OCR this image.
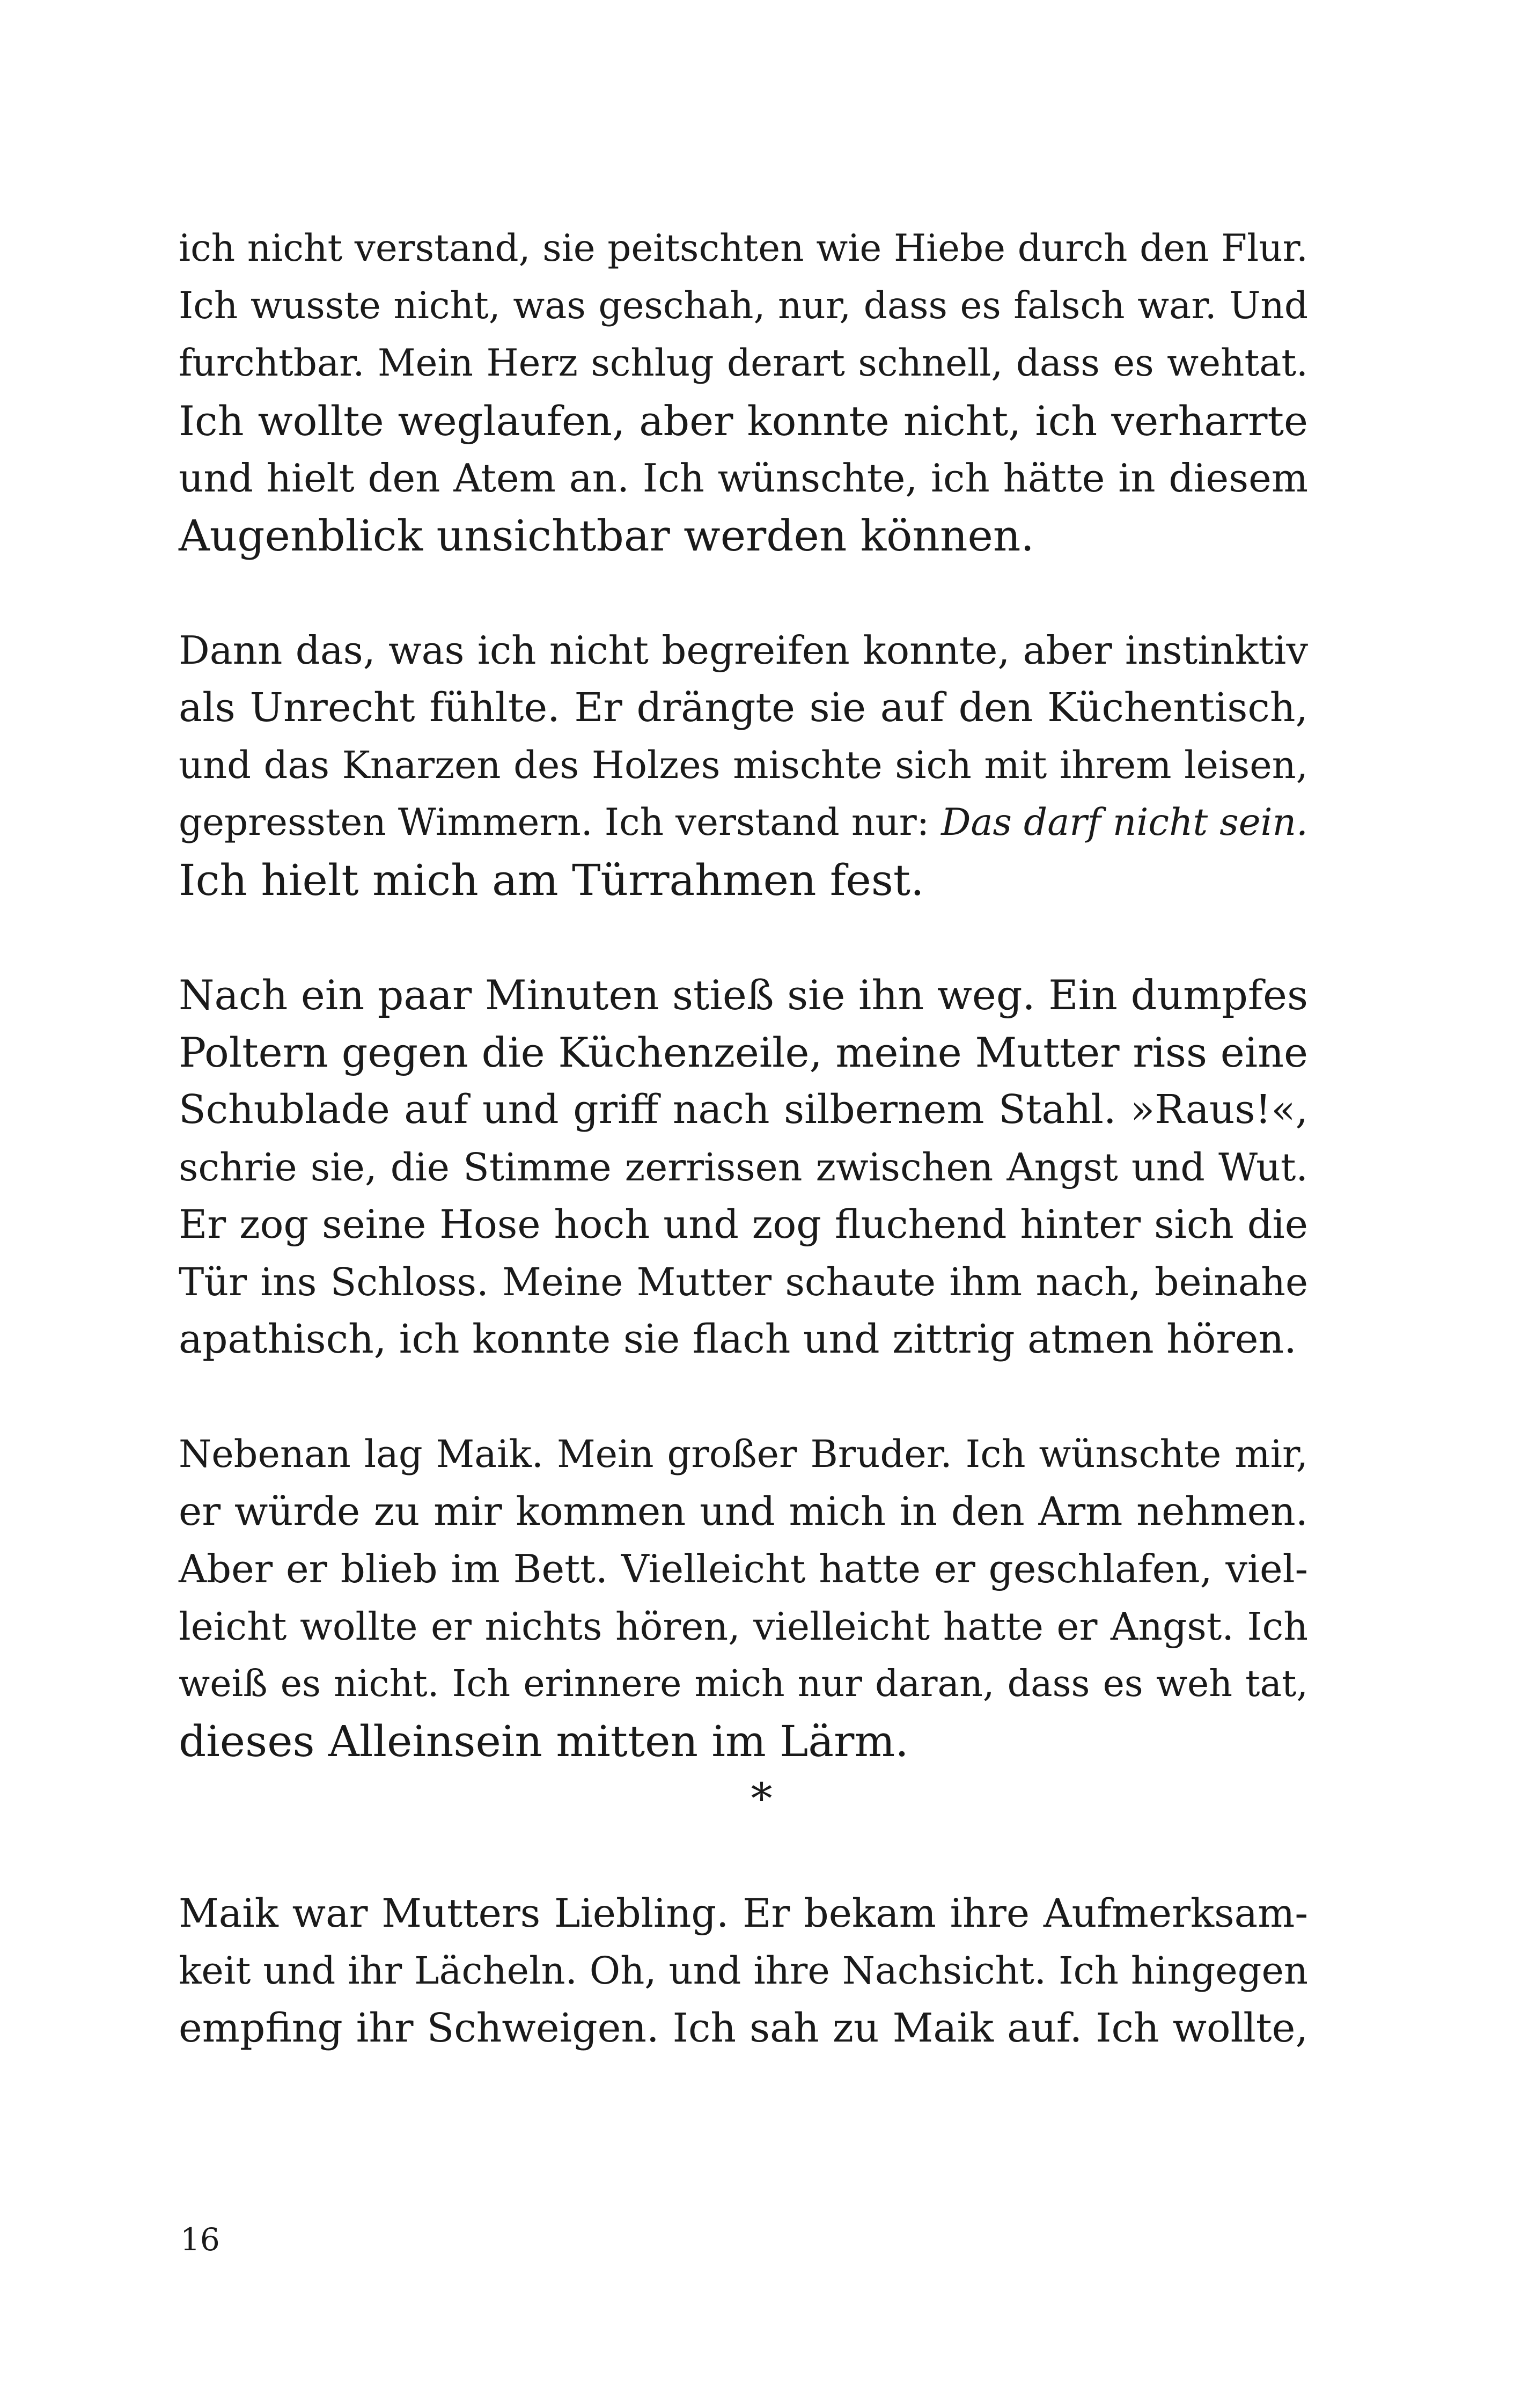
ich nicht verstand, sie peitschten wie Hiebe durch den Flur.
Ich wusste nicht, was geschah, nur, dass es falsch war. Und
furchtbar. Mein Herz schlug derart schnell, dass es wehtat.
Ich wollte weglaufen, aber konnte nicht, ich verharrte
und hielt den Atem an. Ich wünschte, ich hätte in diesem
Augenblick unsichtbar werden können.
Dann das, was ich nicht begreifen konnte, aber instinktiv
als Unrecht fühlte. Er drängte sie auf den Küchentisch,
und das Knarzen des Holzes mischte sich mit ihrem leisen,
gepressten Wimmern. Ich verstand nur: Das darf nicht sein.
Ich hielt mich am Türrahmen fest.
Nach ein paar Minuten stieß sie ihn weg. Ein dumpfes
Poltern gegen die Küchenzeile, meine Mutter riss eine
Schublade auf und griff nach silbernem Stahl. »Raus!«,
schrie sie, die Stimme zerrissen zwischen Angst und Wut.
Er zog seine Hose hoch und zog fluchend hinter sich die
Tür ins Schloss. Meine Mutter schaute ihm nach, beinahe
apathisch, ich konnte sie flach und zittrig atmen hören.
Nebenan lag Maik. Mein großer Bruder. Ich wünschte mir,
er würde zu mir kommen und mich in den Arm nehmen.
Aber er blieb im Bett. Vielleicht hatte er geschlafen, viel-
leicht wollte er nichts hören, vielleicht hatte er Angst. Ich
weiß es nicht. Ich erinnere mich nur daran, dass es weh tat,
dieses Alleinsein mitten im Lärm.
*
Maik war Mutters Liebling. Er bekam ihre Aufmerksam-
keit und ihr Lächeln. Oh, und ihre Nachsicht. Ich hingegen
empfing ihr Schweigen. Ich sah zu Maik auf. Ich wollte,
16
